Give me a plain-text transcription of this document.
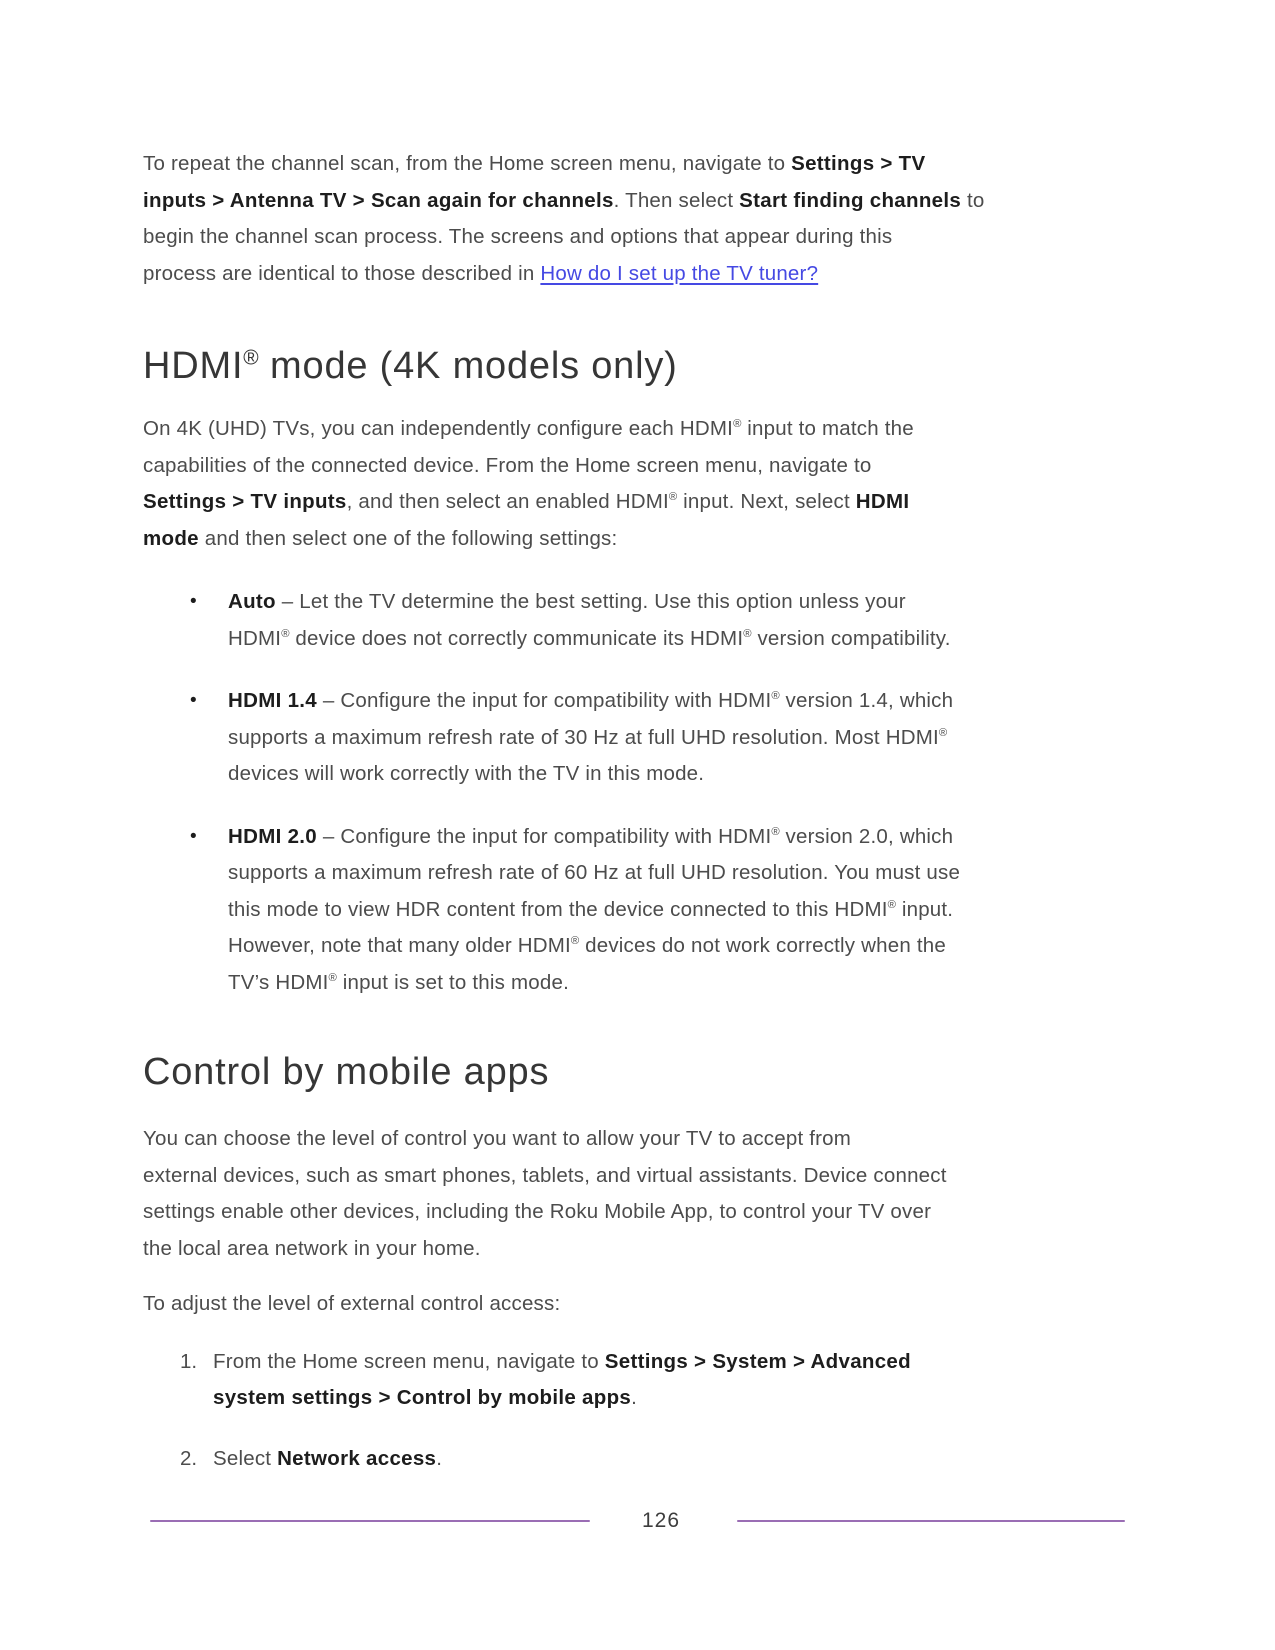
To repeat the channel scan, from the Home screen menu, navigate to Settings > TV
inputs > Antenna TV > Scan again for channels. Then select Start finding channels to
begin the channel scan process. The screens and options that appear during this
process are identical to those described in How do I set up the TV tuner?

HDMI® mode (4K models only)

On 4K (UHD) TVs, you can independently configure each HDMI® input to match the
capabilities of the connected device. From the Home screen menu, navigate to
Settings > TV inputs, and then select an enabled HDMI® input. Next, select HDMI
mode and then select one of the following settings:

•	Auto – Let the TV determine the best setting. Use this option unless your
HDMI® device does not correctly communicate its HDMI® version compatibility.
•	HDMI 1.4 – Configure the input for compatibility with HDMI® version 1.4, which
supports a maximum refresh rate of 30 Hz at full UHD resolution. Most HDMI®
devices will work correctly with the TV in this mode.
•	HDMI 2.0 – Configure the input for compatibility with HDMI® version 2.0, which
supports a maximum refresh rate of 60 Hz at full UHD resolution. You must use
this mode to view HDR content from the device connected to this HDMI® input.
However, note that many older HDMI® devices do not work correctly when the
TV’s HDMI® input is set to this mode.
Control by mobile apps

You can choose the level of control you want to allow your TV to accept from
external devices, such as smart phones, tablets, and virtual assistants. Device connect
settings enable other devices, including the Roku Mobile App, to control your TV over
the local area network in your home.

To adjust the level of external control access:

1. From the Home screen menu, navigate to Settings > System > Advanced
system settings > Control by mobile apps.
2. Select Network access.
126
